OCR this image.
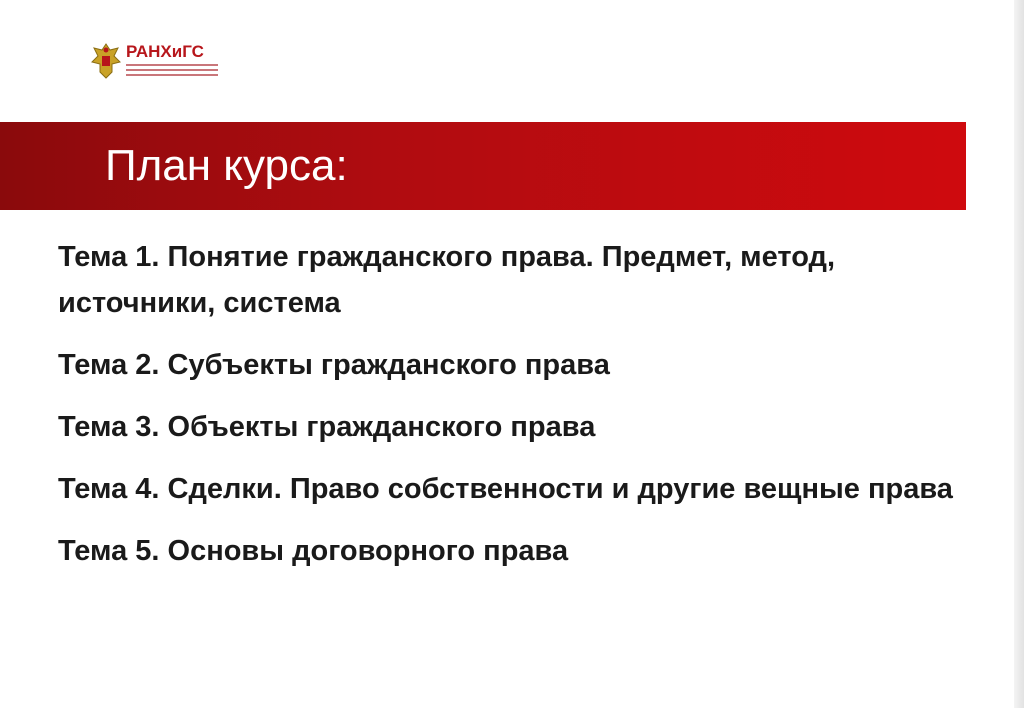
РАНХиГС
План курса:
Тема 1. Понятие гражданского права. Предмет, метод, источники, система
Тема 2. Субъекты гражданского права
Тема 3. Объекты гражданского права
Тема 4. Сделки. Право собственности и другие вещные права
Тема 5. Основы договорного права
